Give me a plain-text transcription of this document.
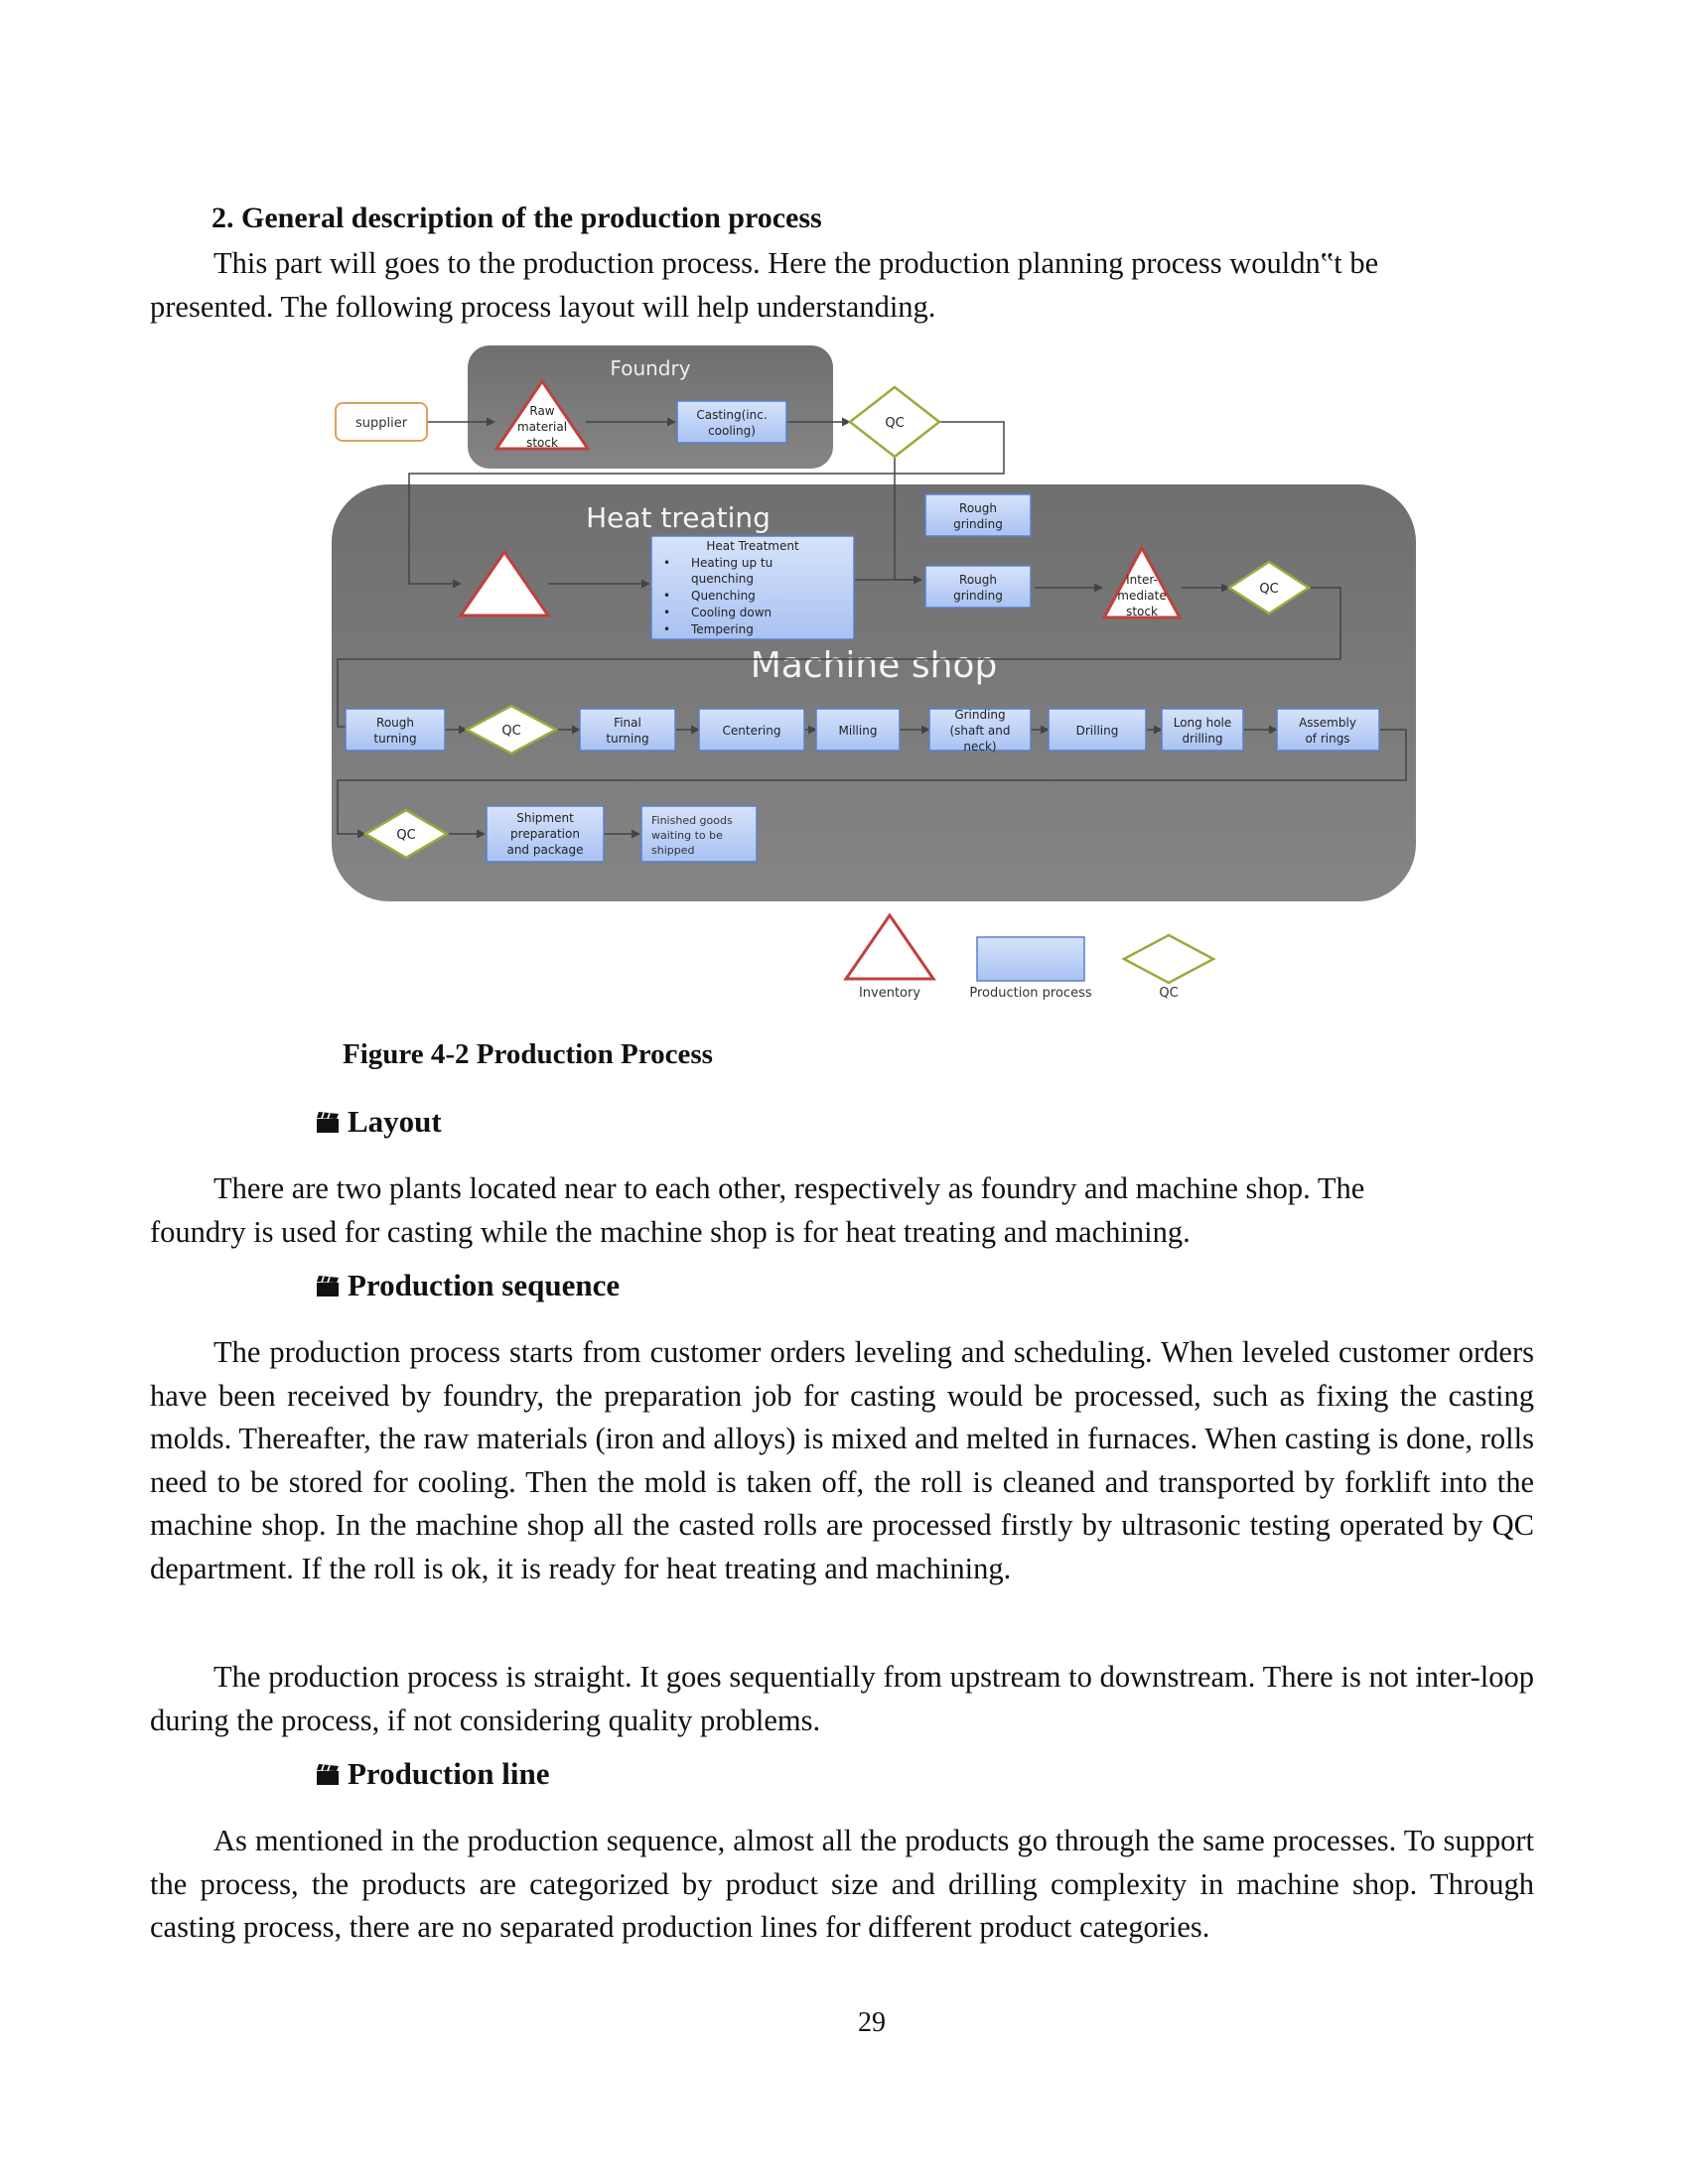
2. General description of the production process

This part will goes to the production process. Here the production planning process wouldn‟t be

presented. The following process layout will help understanding.

Foundry
Heat treating
Machine shop
supplier
Raw
material
stock
Casting(inc.
cooling)	QC
Heat Treatment
• Heating up tu
quenching
• Quenching
• Cooling down
• Tempering
Rough
grinding
Rough
grinding
Inter-
mediate
stock
QC
Rough
turning	QC
Final
turning
Centering	Milling
Grinding
(shaft and
neck)
Drilling
Long hole
drilling
Assembly
of rings
QC
Shipment
preparation
and package
Finished goods
waiting to be
shipped
Inventory	Production process	QC
Figure 4-2 Production Process
Layout

There are two plants located near to each other, respectively as foundry and machine shop. The

foundry is used for casting while the machine shop is for heat treating and machining.

Production sequence

The production process starts from customer orders leveling and scheduling. When leveled customer orders have been received by foundry, the preparation job for casting would be processed, such as fixing the casting molds. Thereafter, the raw materials (iron and alloys) is mixed and melted in furnaces. When casting is done, rolls need to be stored for cooling. Then the mold is taken off, the roll is cleaned and transported by forklift into the machine shop. In the machine shop all the casted rolls are processed firstly by ultrasonic testing operated by QC department. If the roll is ok, it is ready for heat treating and machining.

The production process is straight. It goes sequentially from upstream to downstream. There is not inter-loop during the process, if not considering quality problems.

Production line

As mentioned in the production sequence, almost all the products go through the same processes. To support the process, the products are categorized by product size and drilling complexity in machine shop. Through casting process, there are no separated production lines for different product categories.

29
